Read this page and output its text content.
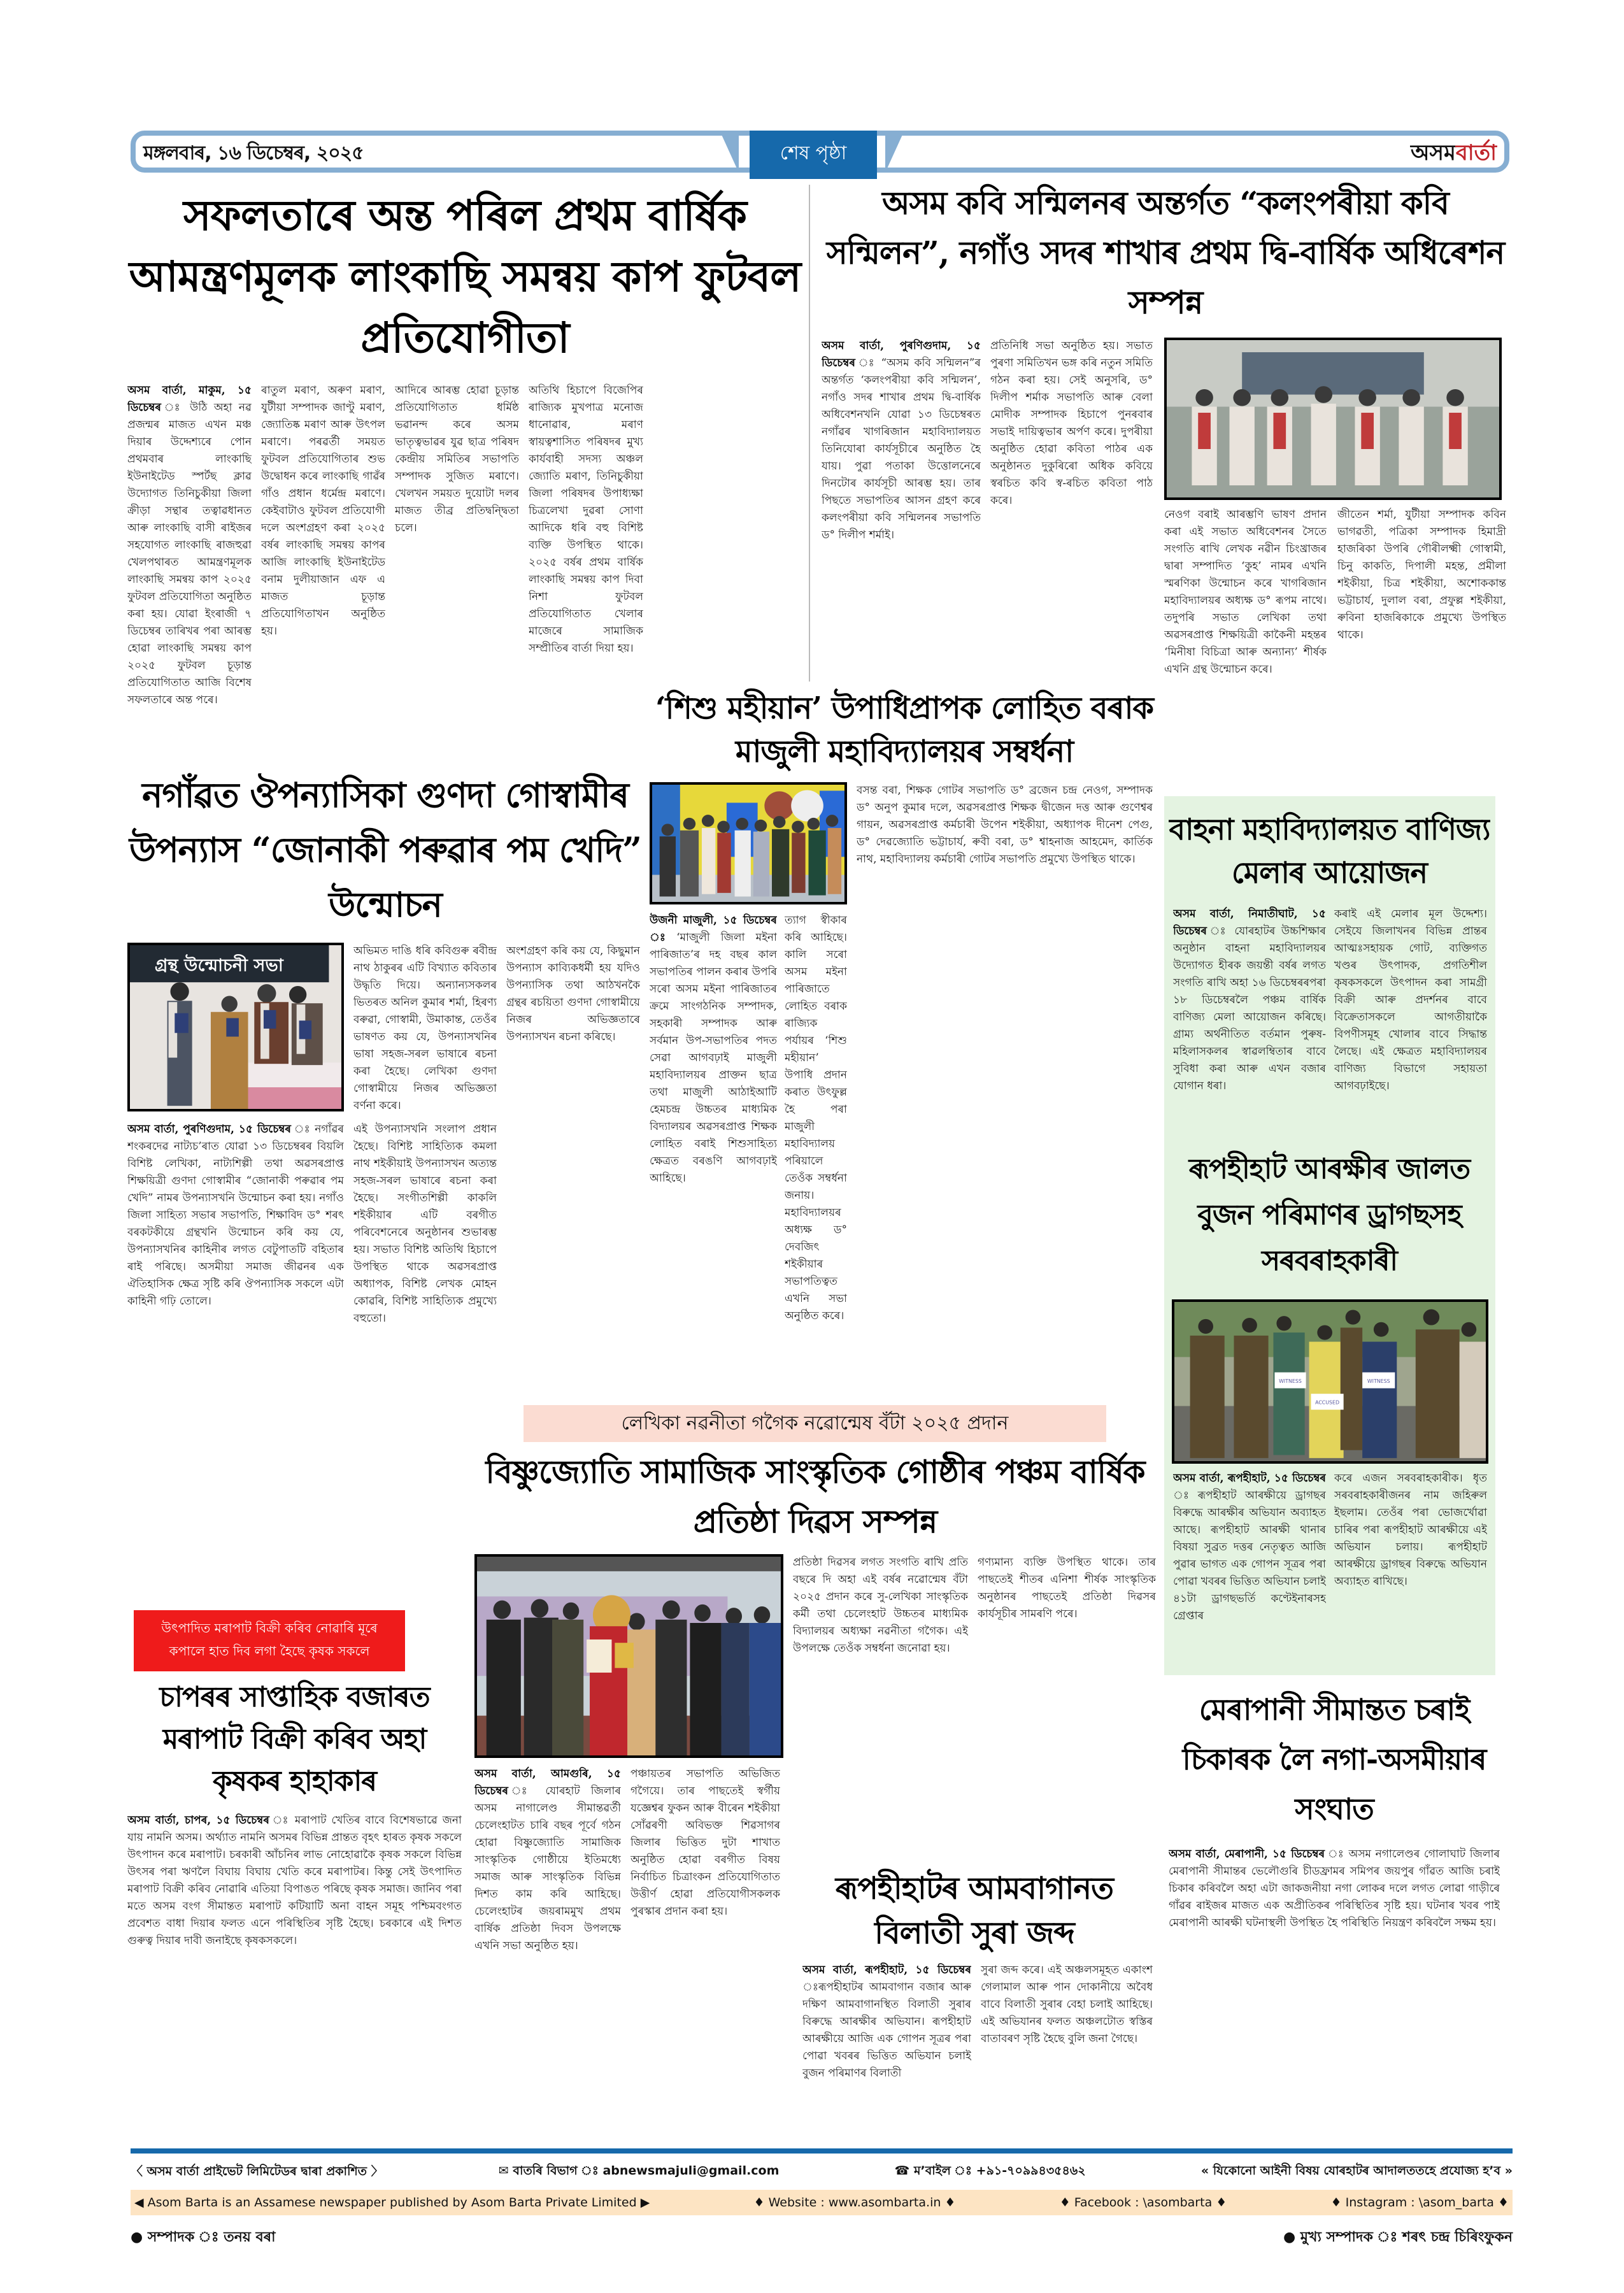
মঙ্গলবাৰ, ১৬ ডিচেম্বৰ, ২০২৫	শেষ পৃষ্ঠা	অসমবাৰ্তা
সফলতাৰে অন্ত পৰিল প্ৰথম বাৰ্ষিক আমন্ত্ৰণমূলক লাংকাছি সমন্বয় কাপ ফুটবল প্ৰতিযোগীতা
অসম বাৰ্তা, মাকুম, ১৫ ডিচেম্বৰ ঃ উঠি অহা নৱ প্ৰজন্মৰ মাজত এখন মঞ্চ দিয়াৰ উদ্দেশ্যৰে পোন প্ৰথমবাৰ লাংকাছি ইউনাইটেড স্পৰ্টছ ক্লাৱ উদ্যোগত তিনিচুকীয়া জিলা ক্ৰীড়া সন্থাৰ তত্বাৱধানত আৰু লাংকাছি বাসী ৰাইজৰ সহযোগত লাংকাছি ৰাজহুৱা খেলপথাৰত আমন্ত্ৰণমূলক লাংকাছি সমন্বয় কাপ ২০২৫ ফুটবল প্ৰতিযোগিতা অনুষ্ঠিত কৰা হয়। যোৱা ইংৰাজী ৭ ডিচেম্বৰ তাৰিখৰ পৰা আৰম্ভ হোৱা লাংকাছি সমন্বয় কাপ ২০২৫ ফুটবল চূড়ান্ত প্ৰতিযোগিতাত আজি বিশেষ সফলতাৰে অন্ত পৰে।
ৰাতুল মৰাণ, অৰুণ মৰাণ, যুটীয়া সম্পাদক জাণ্টু মৰাণ, জ্যোতিষ্ক মৰাণ আৰু উৎপল মৰাণে। পৰৱৰ্তী সময়ত ফুটবল প্ৰতিযোগিতাৰ শুভ উদ্বোধন কৰে লাংকাছি গাৱঁৰ গাঁও প্ৰধান ধৰ্মেন্দ্ৰ মৰাণে। কেইবাটাও ফুটবল প্ৰতিযোগী দলে অংশগ্ৰহণ কৰা ২০২৫ বৰ্ষৰ লাংকাছি সমন্বয় কাপৰ আজি লাংকাছি ইউনাইটেড বনাম দুলীয়াজান এফ এ মাজত চূড়ান্ত প্ৰতিযোগিতাখন অনুষ্ঠিত হয়।
আদিৰে আৰম্ভ হোৱা চূড়ান্ত প্ৰতিযোগিতাত ধৰ্মিষ্ঠ ভৱানন্দ কৰে অসম ভাতৃত্বভাৱৰ যুৱ ছাত্ৰ পৰিষদ কেন্দ্ৰীয় সমিতিৰ সভাপতি সম্পাদক সুজিত মৰাণে। খেলখন সময়ত দুয়োটা দলৰ মাজত তীব্ৰ প্ৰতিদ্বন্দ্বিতা চলে।
অতিথি হিচাপে বিজেপিৰ ৰাজ্যিক মুখপাত্ৰ মনোজ ধানোৱাৰ, মৰাণ স্বায়ত্বশাসিত পৰিষদৰ মুখ্য কাৰ্যবাহী সদস্য অঞ্চল জ্যোতি মৰাণ, তিনিচুকীয়া জিলা পৰিষদৰ উপাধ্যক্ষা চিত্ৰলেখা দুৱৰা সোণা আদিকে ধৰি বহু বিশিষ্ট ব্যক্তি উপস্থিত থাকে। ২০২৫ বৰ্ষৰ প্ৰথম বাৰ্ষিক লাংকাছি সমন্বয় কাপ দিবা নিশা ফুটবল প্ৰতিযোগিতাত খেলাৰ মাজেৰে সামাজিক সম্প্ৰীতিৰ বাৰ্তা দিয়া হয়।
অসম কবি সন্মিলনৰ অন্তৰ্গত “কলংপৰীয়া কবি সন্মিলন”, নগাঁও সদৰ শাখাৰ প্ৰথম দ্বি-বাৰ্ষিক অধিৰেশন সম্পন্ন
অসম বাৰ্তা, পুৰণিগুদাম, ১৫ ডিচেম্বৰ ঃ “অসম কবি সন্মিলন”ৰ অন্তৰ্গত ‘কলংপৰীয়া কবি সন্মিলন’, নগাঁও সদৰ শাখাৰ প্ৰথম দ্বি-বাৰ্ষিক অধিবেশনখনি যোৱা ১৩ ডিচেম্বৰত নগাঁৱৰ খাগৰিজান মহাবিদ্যালয়ত তিনিযোৰা কাৰ্যসূচীৰে অনুষ্ঠিত হৈ যায়। পুৱা পতাকা উত্তোলনেৰে দিনটোৰ কাৰ্যসূচী আৰম্ভ হয়। তাৰ পিছতে সভাপতিৰ আসন গ্ৰহণ কৰে কলংপৰীয়া কবি সন্মিলনৰ সভাপতি ড° দিলীপ শৰ্মাই।
প্ৰতিনিধি সভা অনুষ্ঠিত হয়। সভাত পুৰণা সমিতিখন ভঙ্গ কৰি নতুন সমিতি গঠন কৰা হয়। সেই অনুসৰি, ড° দিলীপ শৰ্মাক সভাপতি আৰু বেলা মোদীক সম্পাদক হিচাপে পুনৰবাৰ সভাই দায়িত্বভাৰ অৰ্পণ কৰে। দুপৰীয়া অনুষ্ঠিত হোৱা কবিতা পাঠৰ এক অনুষ্ঠানত দুকুৰিৰো অধিক কবিয়ে স্বৰচিত কবি স্ব-ৰচিত কবিতা পাঠ কৰে।
নেওগ বৰাই আৰম্ভণি ভাষণ প্ৰদান কৰা এই সভাত অধিবেশনৰ সৈতে সংগতি ৰাখি লেখক নৱীন চিংখ্ৰাজৰ দ্বাৰা সম্পাদিত ‘কুহ’ নামৰ এখনি স্মৰণিকা উন্মোচন কৰে খাগৰিজান মহাবিদ্যালয়ৰ অধ্যক্ষ ড° ৰূপম নাথে। তদুপৰি সভাত লেখিকা তথা অৱসৰপ্ৰাপ্ত শিক্ষয়িত্ৰী কাকৈনী মহন্তৰ ‘মিনীষা বিচিত্ৰা আৰু অন্যান্য’ শীৰ্ষক এখনি গ্ৰন্থ উন্মোচন কৰে।
জীতেন শৰ্মা, যুটীয়া সম্পাদক কবিন ভাগৱতী, পত্ৰিকা সম্পাদক হিমাদ্ৰী হাজৰিকা উপৰি গৌৰীলক্ষ্মী গোস্বামী, চিনু কাকতি, দিপালী মহন্ত, প্ৰমীলা শইকীয়া, চিত্ৰ শইকীয়া, অশোককান্ত ভট্টাচাৰ্য, দুলাল বৰা, প্ৰফুল্ল শইকীয়া, ৰুবিনা হাজৰিকাকে প্ৰমুখ্যে উপস্থিত থাকে।
নগাঁৱত ঔপন্যাসিকা গুণদা গোস্বামীৰ উপন্যাস “জোনাকী পৰুৱাৰ পম খেদি” উন্মোচন
গ্ৰন্থ উন্মোচনী সভা
অভিমত দাঙি ধৰি কবিগুৰু ৰবীন্দ্ৰ নাথ ঠাকুৰৰ এটি বিখ্যাত কবিতাৰ উদ্ধৃতি দিয়ে। অন্যান্যসকলৰ ভিতৰত অনিল কুমাৰ শৰ্মা, হিৰণ্য বৰুৱা, গোস্বামী, উমাকান্ত, তেওঁৰ ভাষণত কয় যে, উপন্যাসখনিৰ ভাষা সহজ-সৰল ভাষাৰে ৰচনা কৰা হৈছে। লেখিকা গুণদা গোস্বামীয়ে নিজৰ অভিজ্ঞতা বৰ্ণনা কৰে।
অসম বাৰ্তা, পুৰণিগুদাম, ১৫ ডিচেম্বৰ ঃ নগাঁৱৰ শংকৰদেৱ নাট্যচ’ৰাত যোৱা ১৩ ডিচেম্বৰৰ বিয়লি বিশিষ্ট লেখিকা, নাট্যশিল্পী তথা অৱসৰপ্ৰাপ্ত শিক্ষয়িত্ৰী গুণদা গোস্বামীৰ “জোনাকী পৰুৱাৰ পম খেদি” নামৰ উপন্যাসখনি উন্মোচন কৰা হয়। নগাঁও জিলা সাহিত্য সভাৰ সভাপতি, শিক্ষাবিদ ড° শৰৎ বৰকটকীয়ে গ্ৰন্থখনি উন্মোচন কৰি কয় যে, উপন্যাসখনিৰ কাহিনীৰ লগত বেটুপাতটি বহিতাৰ ৰাই পৰিছে। অসমীয়া সমাজ জীৱনৰ এক ঐতিহাসিক ক্ষেত্ৰ সৃষ্টি কৰি ঔপন্যাসিক সকলে এটা কাহিনী গঢ়ি তোলে।
এই উপন্যাসখনি সংলাপ প্ৰধান হৈছে। বিশিষ্ট সাহিত্যিক কমলা নাথ শইকীয়াই উপন্যাসখন অত্যন্ত সহজ-সৰল ভাষাৰে ৰচনা কৰা হৈছে। সংগীতশিল্পী কাকলি শইকীয়াৰ এটি বৰগীত পৰিবেশনেৰে অনুষ্ঠানৰ শুভাৰম্ভ হয়। সভাত বিশিষ্ট অতিথি হিচাপে উপস্থিত থাকে অৱসৰপ্ৰাপ্ত অধ্যাপক, বিশিষ্ট লেখক মোহন কোৱৰি, বিশিষ্ট সাহিত্যিক প্ৰমুখ্যে বহুতো।
অংশগ্ৰহণ কৰি কয় যে, কিছুমান উপন্যাস কাব্যিকধৰ্মী হয় যদিও উপন্যাসিক তথা আঠখনকৈ গ্ৰন্থৰ ৰচয়িতা গুণদা গোস্বামীয়ে নিজৰ অভিজ্ঞতাৰে উপন্যাসখন ৰচনা কৰিছে।
‘শিশু মহীয়ান’ উপাধিপ্ৰাপক লোহিত বৰাক মাজুলী মহাবিদ্যালয়ৰ সম্বৰ্ধনা
উজনী মাজুলী, ১৫ ডিচেম্বৰ ঃ ‘মাজুলী জিলা মইনা পাৰিজাত’ৰ দহ বছৰ কাল সভাপতিৰ পালন কৰাৰ উপৰি সৰো অসম মইনা পাৰিজাতৰ ক্ৰমে সাংগঠনিক সম্পাদক, সহকাৰী সম্পাদক আৰু সৰ্বমান উপ-সভাপতিৰ পদত সেৱা আগবঢ়াই মাজুলী মহাবিদ্যালয়ৰ প্ৰাক্তন ছাত্ৰ তথা মাজুলী আঠাইআটি হেমচন্দ্ৰ উচ্চতৰ মাধ্যমিক বিদ্যালয়ৰ অৱসৰপ্ৰাপ্ত শিক্ষক লোহিত বৰাই শিশুসাহিত্য ক্ষেত্ৰত বৰঙণি আগবঢ়াই আহিছে।
ত্যাগ স্বীকাৰ কৰি আহিছে। কালি সৰো অসম মইনা পাৰিজাতে লোহিত বৰাক ৰাজ্যিক পৰ্যায়ৰ ‘শিশু মহীয়ান’ উপাধি প্ৰদান কৰাত উৎফুল্ল হৈ পৰা মাজুলী মহাবিদ্যালয় পৰিয়ালে তেওঁক সম্বৰ্ধনা জনায়। মহাবিদ্যালয়ৰ অধ্যক্ষ ড° দেবজিৎ শইকীয়াৰ সভাপতিত্বত এখনি সভা অনুষ্ঠিত কৰে।
বসন্ত বৰা, শিক্ষক গোটৰ সভাপতি ড° ব্ৰজেন চন্দ্ৰ নেওগ, সম্পাদক ড° অনুপ কুমাৰ দলে, অৱসৰপ্ৰাপ্ত শিক্ষক দ্বীজেন দত্ত আৰু গুণেশ্বৰ গায়ন, অৱসৰপ্ৰাপ্ত কৰ্মচাৰী উপেন শইকীয়া, অধ্যাপক দীনেশ পেগু, ড° দেৱজ্যোতি ভট্টাচাৰ্য, ৰুবী বৰা, ড° শ্বাহনাজ আহমেদ, কাৰ্তিক নাথ, মহাবিদ্যালয় কৰ্মচাৰী গোটৰ সভাপতি প্ৰমুখ্যে উপস্থিত থাকে।
বাহনা মহাবিদ্যালয়ত বাণিজ্য মেলাৰ আয়োজন
অসম বাৰ্তা, নিমাতীঘাট, ১৫ ডিচেম্বৰ ঃ যোৰহাটৰ উচ্চশিক্ষাৰ অনুষ্ঠান বাহনা মহাবিদ্যালয়ৰ উদ্যোগত হীৰক জয়ন্তী বৰ্ষৰ লগত সংগতি ৰাখি অহা ১৬ ডিচেম্বৰৰপৰা ১৮ ডিচেম্বৰলৈ পঞ্চম বাৰ্ষিক বাণিজ্য মেলা আয়োজন কৰিছে। গ্ৰাম্য অৰ্থনীতিত বৰ্তমান পুৰুষ-মহিলাসকলৰ স্বাৱলম্বিতাৰ বাবে সুবিধা কৰা আৰু এখন বজাৰ যোগান ধৰা।
কৰাই এই মেলাৰ মূল উদ্দেশ্য। সেইযে জিলাখনৰ বিভিন্ন প্ৰান্তৰ আত্মঃসহায়ক গোট, ব্যক্তিগত খণ্ডৰ উৎপাদক, প্ৰগতিশীল কৃষকসকলে উৎপাদন কৰা সামগ্ৰী বিক্ৰী আৰু প্ৰদৰ্শনৰ বাবে বিক্ৰেতাসকলে আগতীয়াকৈ বিপণীসমূহ খোলাৰ বাবে সিদ্ধান্ত লৈছে। এই ক্ষেত্ৰত মহাবিদ্যালয়ৰ বাণিজ্য বিভাগে সহায়তা আগবঢ়াইছে।
ৰূপহীহাট আৰক্ষীৰ জালত বুজন পৰিমাণৰ ড্ৰাগছসহ সৰবৰাহকাৰী
WITNESS
ACCUSED
WITNESS
অসম বাৰ্তা, ৰূপহীহাট, ১৫ ডিচেম্বৰ ঃ ৰূপহীহাট আৰক্ষীয়ে ড্ৰাগছৰ বিৰুদ্ধে আৰক্ষীৰ অভিযান অব্যাহত আছে। ৰূপহীহাট আৰক্ষী থানাৰ বিষয়া সুব্ৰত দত্তৰ নেতৃত্বত আজি পুৱাৰ ভাগত এক গোপন সূত্ৰৰ পৰা পোৱা খবৰৰ ভিত্তিত অভিযান চলাই ৪১টা ড্ৰাগছভৰ্তি কণ্টেইনাৰসহ গ্ৰেপ্তাৰ
কৰে এজন সৰবৰাহকাৰীক। ধৃত সৰবৰাহকাৰীজনৰ নাম জহিৰুল ইছলাম। তেওঁৰ পৰা ভোজৰ্খোৱা চাৰিৰ পৰা ৰূপহীহাট আৰক্ষীয়ে এই অভিযান চলায়। ৰূপহীহাট আৰক্ষীয়ে ড্ৰাগছৰ বিৰুদ্ধে অভিযান অব্যাহত ৰাখিছে।
লেখিকা নৱনীতা গগৈক নৱোন্মেষ বঁটা ২০২৫ প্ৰদান
বিষ্ণুজ্যোতি সামাজিক সাংস্কৃতিক গোষ্ঠীৰ পঞ্চম বাৰ্ষিক প্ৰতিষ্ঠা দিৱস সম্পন্ন
অসম বাৰ্তা, আমগুৰি, ১৫ ডিচেম্বৰ ঃ যোৰহাট জিলাৰ অসম নাগালেণ্ড সীমান্তৱৰ্তী চেলেংহাটত চাৰি বছৰ পূৰ্বে গঠন হোৱা বিষ্ণুজ্যোতি সামাজিক সাংস্কৃতিক গোষ্ঠীয়ে ইতিমধ্যে সমাজ আৰু সাংস্কৃতিক বিভিন্ন দিশত কাম কৰি আহিছে। চেলেংহাটৰ জয়ৰামমুখ প্ৰথম বাৰ্ষিক প্ৰতিষ্ঠা দিবস উপলক্ষে এখনি সভা অনুষ্ঠিত হয়।
পঞ্চায়তৰ সভাপতি অভিজিত গগৈয়ে। তাৰ পাছতেই স্বৰ্গীয় যজ্ঞেশ্বৰ ফুকন আৰু বীৰেন শইকীয়া সোঁৱৰণী অবিভক্ত শিৱসাগৰ জিলাৰ ভিত্তিত দুটা শাখাত অনুষ্ঠিত হোৱা বৰগীত বিষয় নিৰ্বাচিত চিত্ৰাংকন প্ৰতিযোগিতাত উত্তীৰ্ণ হোৱা প্ৰতিযোগীসকলক পুৰস্কাৰ প্ৰদান কৰা হয়।
প্ৰতিষ্ঠা দিৱসৰ লগত সংগতি ৰাখি প্ৰতি বছৰে দি অহা এই বৰ্ষৰ নৱোন্মেষ বঁটা ২০২৫ প্ৰদান কৰে সু-লেখিকা সাংস্কৃতিক কৰ্মী তথা চেলেংহাট উচ্চতৰ মাধ্যমিক বিদ্যালয়ৰ অধ্যক্ষা নৱনীতা গগৈক। এই উপলক্ষে তেওঁক সম্বৰ্ধনা জনোৱা হয়।
গণ্যমান্য ব্যক্তি উপস্থিত থাকে। তাৰ পাছতেই শীতৰ এনিশা শীৰ্ষক সাংস্কৃতিক অনুষ্ঠানৰ পাছতেই প্ৰতিষ্ঠা দিৱসৰ কাৰ্যসূচীৰ সামৰণি পৰে।
উৎপাদিত মৰাপাট বিক্ৰী কৰিব নোৱাৰি মূৰে
কপালে হাত দিব লগা হৈছে কৃষক সকলে
চাপৰৰ সাপ্তাহিক বজাৰত মৰাপাট বিক্ৰী কৰিব অহা কৃষকৰ হাহাকাৰ
অসম বাৰ্তা, চাপৰ, ১৫ ডিচেম্বৰ ঃ মৰাপাট খেতিৰ বাবে বিশেষভাৱে জনা যায় নামনি অসম। অৰ্থ্যাত নামনি অসমৰ বিভিন্ন প্ৰান্তত বৃহৎ হাৰত কৃষক সকলে উৎপাদন কৰে মৰাপাট। চৰকাৰী আঁচনিৰ লাভ নোহোৱাকৈ কৃষক সকলে বিভিন্ন উৎসৰ পৰা ঋণলৈ বিঘায় বিঘায় খেতি কৰে মৰাপাটৰ। কিন্তু সেই উৎপাদিত মৰাপাট বিক্ৰী কৰিব নোৱাৰি এতিয়া বিপাঙত পৰিছে কৃষক সমাজ। জানিব পৰা মতে অসম বংগ সীমান্তত মৰাপাট কটিয়াটি অনা বাহন সমূহ পশ্চিমবংগত প্ৰবেশত বাধা দিয়াৰ ফলত এনে পৰিস্থিতিৰ সৃষ্টি হৈছে। চৰকাৰে এই দিশত গুৰুত্ব দিয়াৰ দাবী জনাইছে কৃষকসকলে।
ৰূপহীহাটৰ আমবাগানত বিলাতী সুৰা জব্দ
অসম বাৰ্তা, ৰূপহীহাট, ১৫ ডিচেম্বৰ ঃৰূপহীহাটৰ আমবাগান বজাৰ আৰু দক্ষিণ আমবাগানস্থিত বিলাতী সুৰাৰ বিৰুদ্ধে আৰক্ষীৰ অভিযান। ৰূপহীহাট আৰক্ষীয়ে আজি এক গোপন সূত্ৰৰ পৰা পোৱা খবৰৰ ভিত্তিত অভিযান চলাই বুজন পৰিমাণৰ বিলাতী
সুৰা জব্দ কৰে। এই অঞ্চলসমূহত একাংশ গেলামাল আৰু পান দোকানীয়ে অবৈধ বাবে বিলাতী সুৰাৰ বেহা চলাই আহিছে। এই অভিযানৰ ফলত অঞ্চলটোত স্বস্তিৰ বাতাবৰণ সৃষ্টি হৈছে বুলি জনা গৈছে।
মেৰাপানী সীমান্তত চৰাই চিকাৰক লৈ নগা-অসমীয়াৰ সংঘাত
অসম বাৰ্তা, মেৰাপানী, ১৫ ডিচেম্বৰ ঃ অসম নগালেণ্ডৰ গোলাঘাট জিলাৰ মেৰাপানী সীমান্তৰ ভেলৌগুৰি চীডফ্ৰামৰ সমিপৰ জয়পুৰ গাঁৱত আজি চৰাই চিকাৰ কৰিবলৈ অহা এটা জাকজনীয়া নগা লোকৰ দলে লগত লোৱা গাড়ীৰে গাঁৱৰ ৰাইজৰ মাজত এক অপ্ৰীতিকৰ পৰিস্থিতিৰ সৃষ্টি হয়। ঘটনাৰ খবৰ পাই মেৰাপানী আৰক্ষী ঘটনাস্থলী উপস্থিত হৈ পৰিস্থিতি নিয়ন্ত্ৰণ কৰিবলৈ সক্ষম হয়।
〈 অসম বাৰ্তা প্ৰাইভেট লিমিটেডৰ দ্বাৰা প্ৰকাশিত 〉	✉ বাতৰি বিভাগ ঃ abnewsmajuli@gmail.com	☎ ম’বাইল ঃ +৯১-৭০৯৯৪৩৫৪৬২	« যিকোনো আইনী বিষয় যোৰহাটৰ আদালততহে প্ৰযোজ্য হ’ব »
◀ Asom Barta is an Assamese newspaper published by Asom Barta Private Limited ▶	♦ Website : www.asombarta.in ♦	♦ Facebook : \asombarta ♦	♦ Instagram : \asom_barta ♦
● সম্পাদক ঃ তনয় বৰা	● মুখ্য সম্পাদক ঃ শৰৎ চন্দ্ৰ চিৰিংফুকন
